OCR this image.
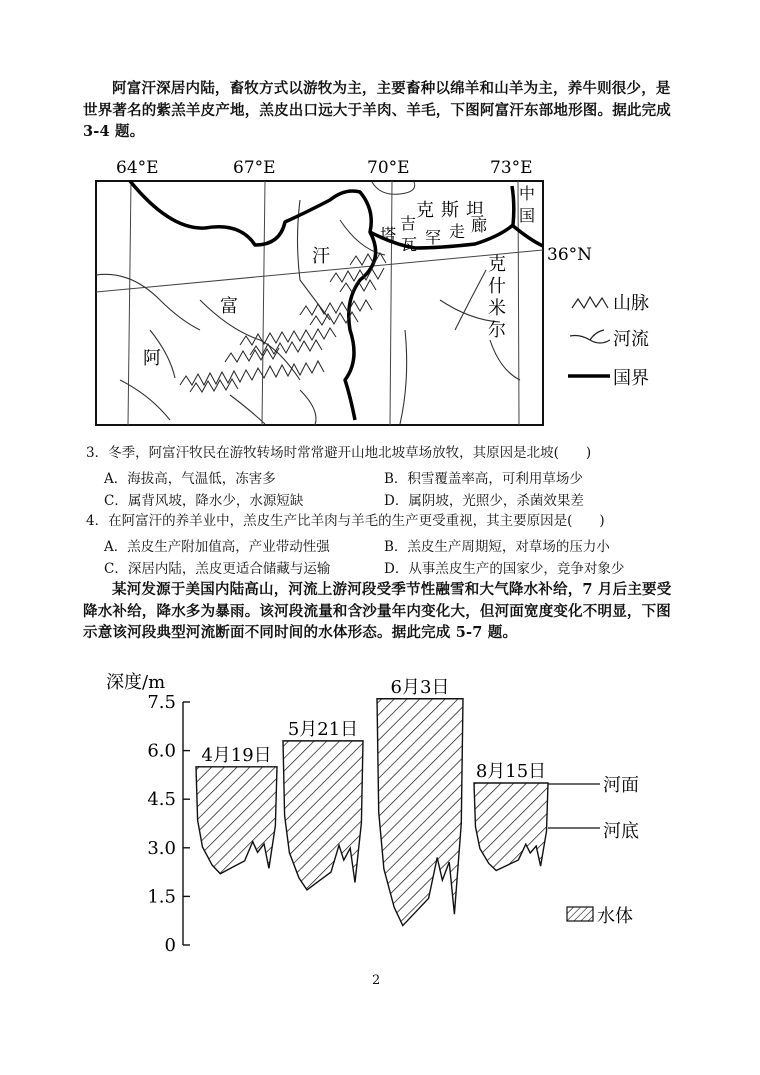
阿富汗深居内陆，畜牧方式以游牧为主，主要畜种以绵羊和山羊为主，养牛则很少，是世界著名的紫羔羊皮产地，羔皮出口远大于羊肉、羊毛，下图阿富汗东部地形图。据此完成 3-4 题。
64°E	67°E	70°E	73°E
36°N
阿
富
汗
克 斯 坦
吉
塔
瓦 罕 走 廊
中
国
克
什
米
尔
山脉
河流
国界
3．冬季，阿富汗牧民在游牧转场时常常避开山地北坡草场放牧，其原因是北坡(　　)
A．海拔高，气温低，冻害多	B．积雪覆盖率高，可利用草场少
C．属背风坡，降水少，水源短缺	D．属阴坡，光照少，杀菌效果差
4．在阿富汗的养羊业中，羔皮生产比羊肉与羊毛的生产更受重视，其主要原因是(　　)
A．羔皮生产附加值高，产业带动性强	B．羔皮生产周期短，对草场的压力小
C．深居内陆，羔皮更适合储藏与运输	D．从事羔皮生产的国家少，竞争对象少
某河发源于美国内陆高山，河流上游河段受季节性融雪和大气降水补给，7 月后主要受降水补给，降水多为暴雨。该河段流量和含沙量年内变化大，但河面宽度变化不明显，下图示意该河段典型河流断面不同时间的水体形态。据此完成 5-7 题。
深度/m
7.5
6.0
4.5
3.0
1.5
0
4月19日
5月21日
6月3日
8月15日
河面
河底
水体
2
